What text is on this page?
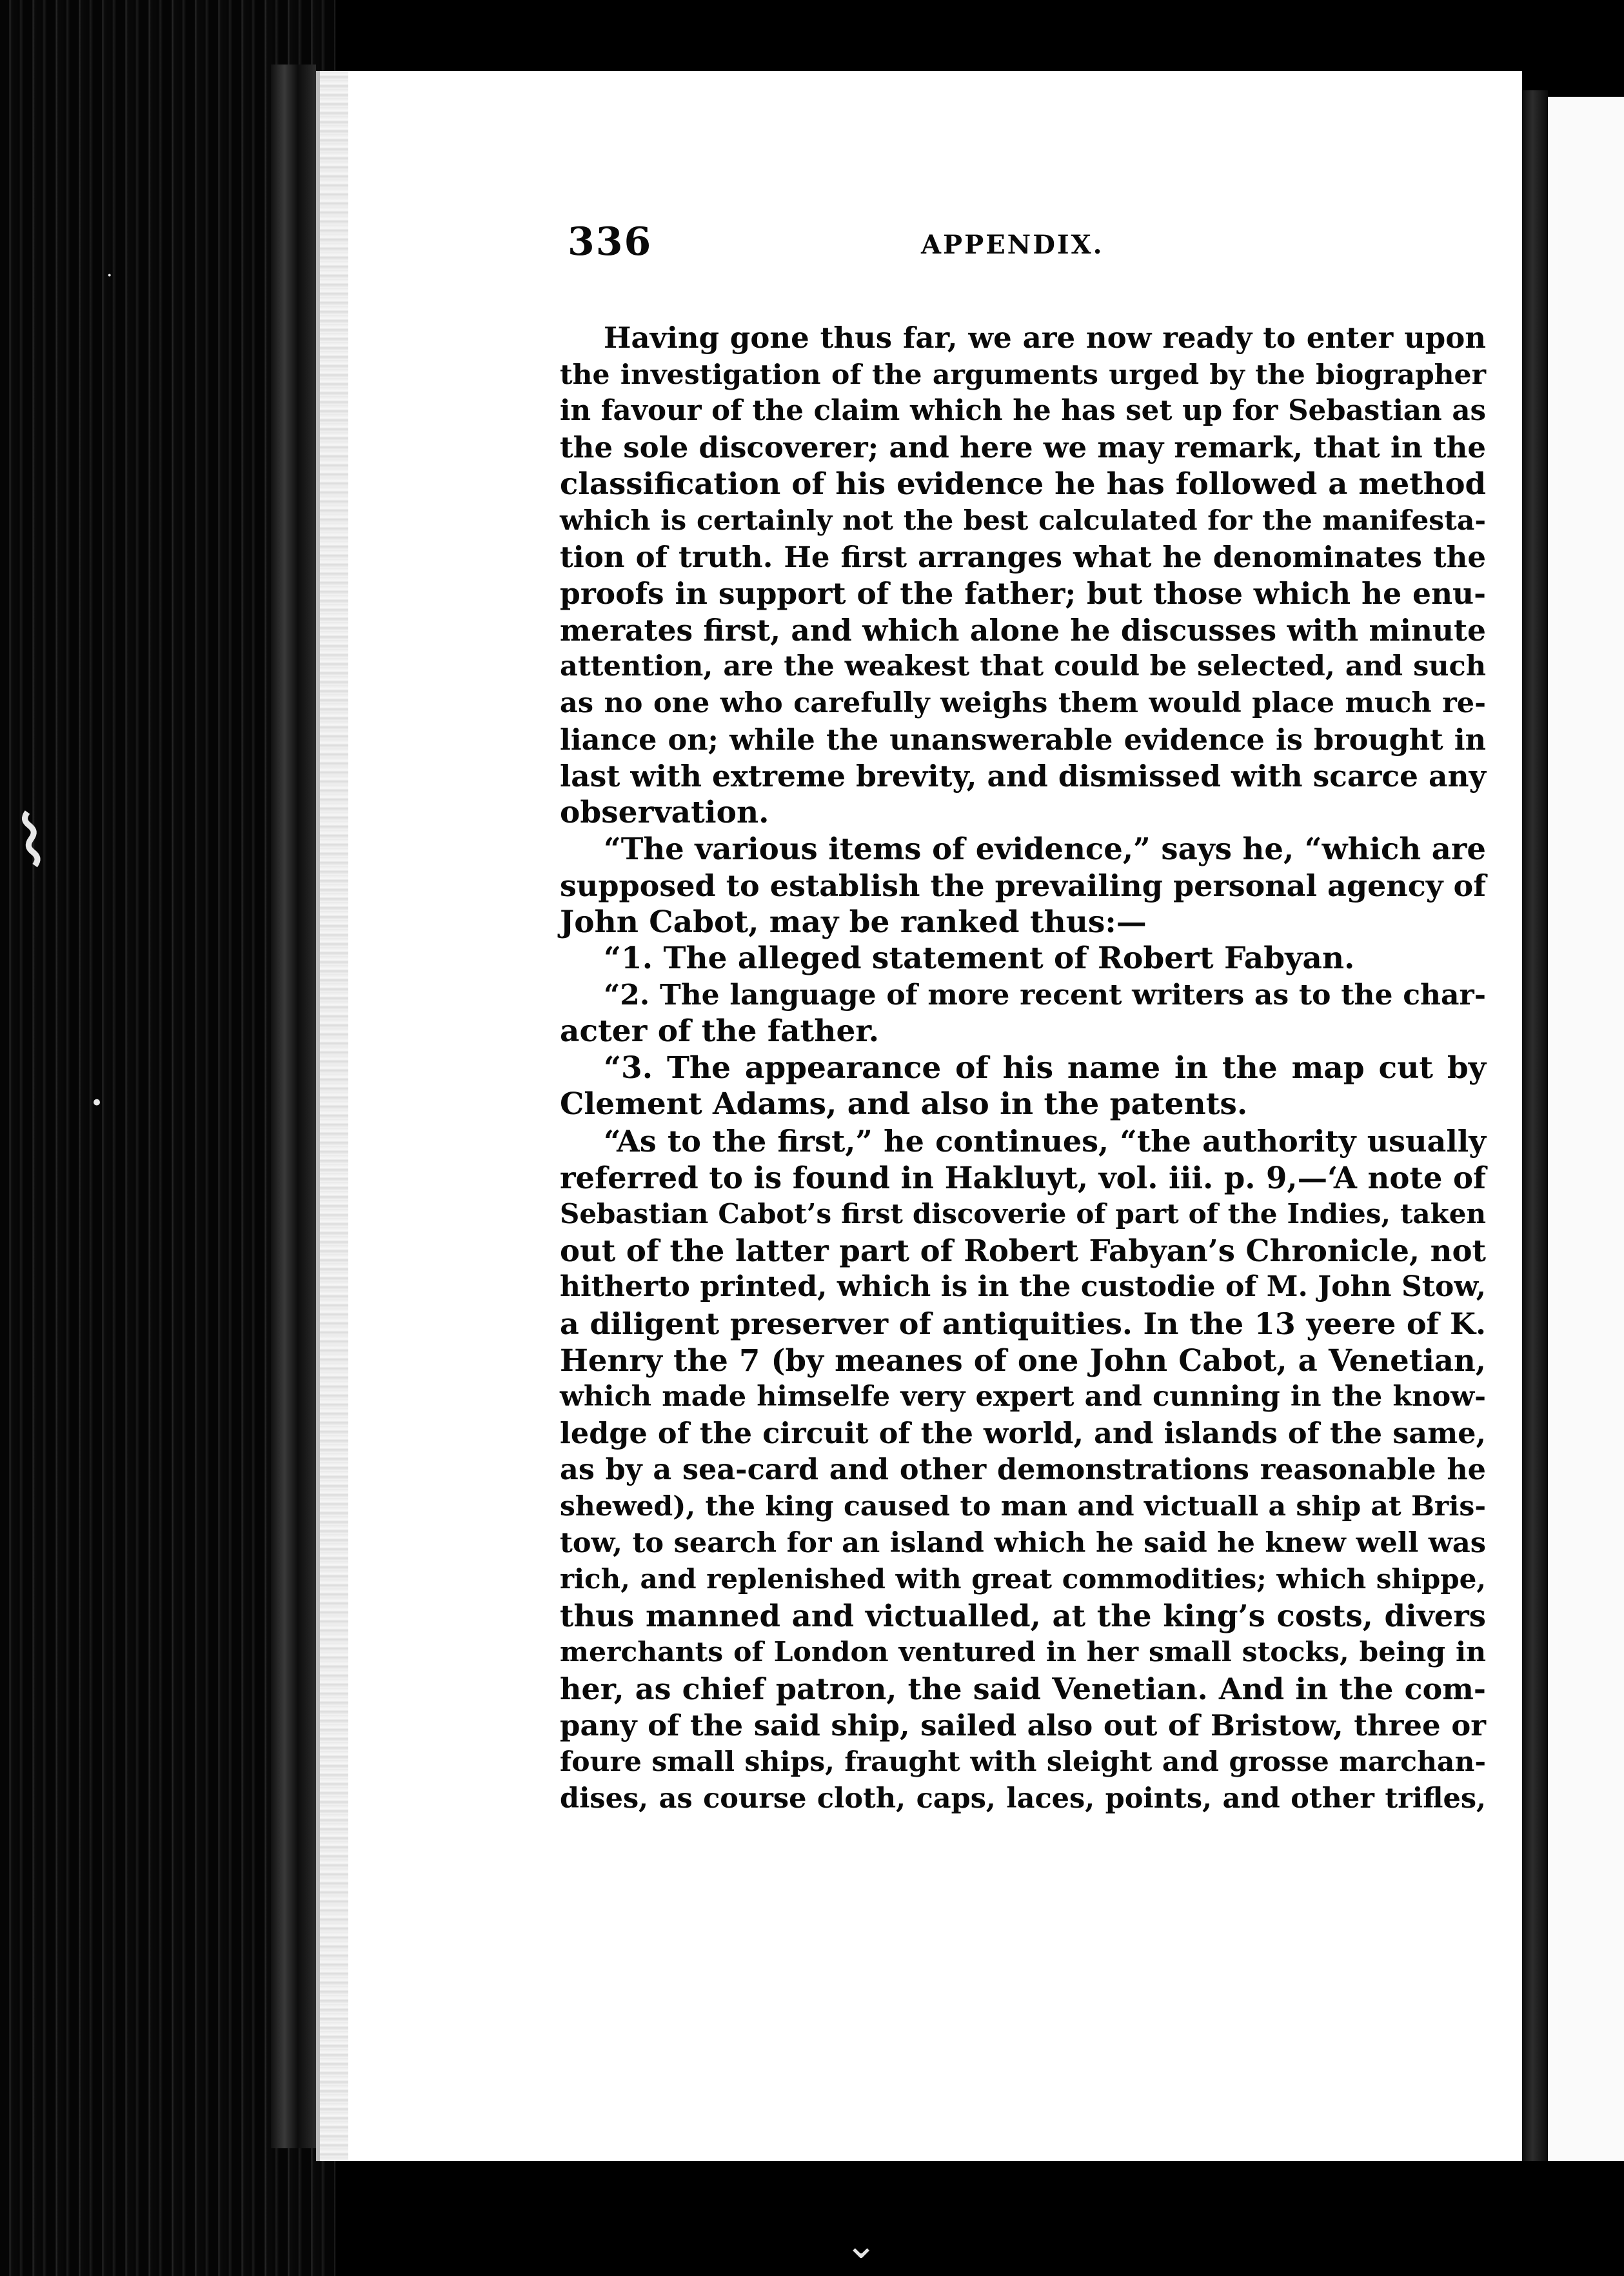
·
⌇
•
⌄
336	APPENDIX.
Having gone thus far, we are now ready to enter upon
the investigation of the arguments urged by the biographer
in favour of the claim which he has set up for Sebastian as
the sole discoverer; and here we may remark, that in the
classification of his evidence he has followed a method
which is certainly not the best calculated for the manifesta-
tion of truth. He first arranges what he denominates the
proofs in support of the father; but those which he enu-
merates first, and which alone he discusses with minute
attention, are the weakest that could be selected, and such
as no one who carefully weighs them would place much re-
liance on; while the unanswerable evidence is brought in
last with extreme brevity, and dismissed with scarce any
observation.
“The various items of evidence,” says he, “which are
supposed to establish the prevailing personal agency of
John Cabot, may be ranked thus:—
“1. The alleged statement of Robert Fabyan.
“2. The language of more recent writers as to the char-
acter of the father.
“3. The appearance of his name in the map cut by
Clement Adams, and also in the patents.
“As to the first,” he continues, “the authority usually
referred to is found in Hakluyt, vol. iii. p. 9,—‘A note of
Sebastian Cabot’s first discoverie of part of the Indies, taken
out of the latter part of Robert Fabyan’s Chronicle, not
hitherto printed, which is in the custodie of M. John Stow,
a diligent preserver of antiquities. In the 13 yeere of K.
Henry the 7 (by meanes of one John Cabot, a Venetian,
which made himselfe very expert and cunning in the know-
ledge of the circuit of the world, and islands of the same,
as by a sea-card and other demonstrations reasonable he
shewed), the king caused to man and victuall a ship at Bris-
tow, to search for an island which he said he knew well was
rich, and replenished with great commodities; which shippe,
thus manned and victualled, at the king’s costs, divers
merchants of London ventured in her small stocks, being in
her, as chief patron, the said Venetian. And in the com-
pany of the said ship, sailed also out of Bristow, three or
foure small ships, fraught with sleight and grosse marchan-
dises, as course cloth, caps, laces, points, and other trifles,
